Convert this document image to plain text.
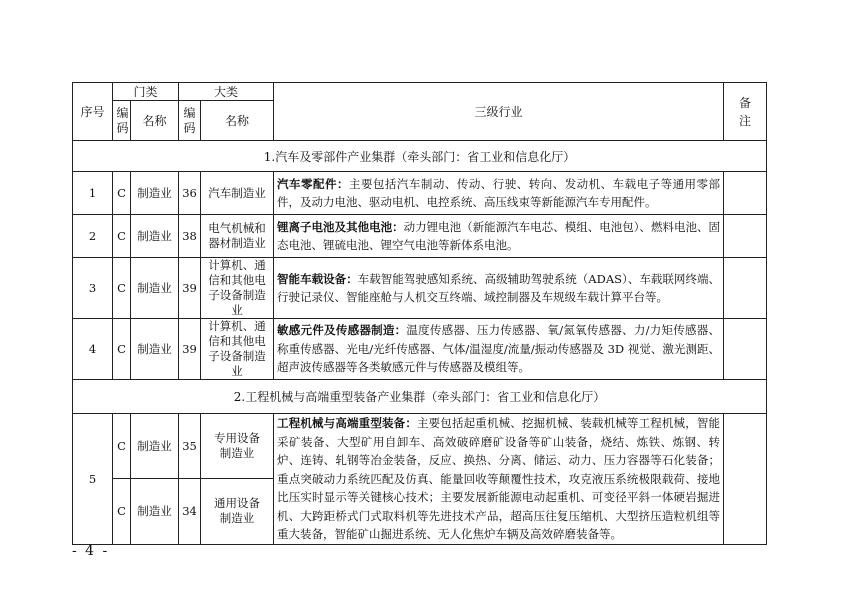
序号	门类		大类		三级行业	备注
	编码	名称	编码	名称		
1.汽车及零部件产业集群（牵头部门：省工业和信息化厅）						
1	C	制造业	36	汽车制造业	汽车零配件：主要包括汽车制动、传动、行驶、转向、发动机、车载电子等通用零部件，及动力电池、驱动电机、电控系统、高压线束等新能源汽车专用配件。	
2	C	制造业	38	电气机械和器材制造业	锂离子电池及其他电池：动力锂电池（新能源汽车电芯、模组、电池包）、燃料电池、固态电池、锂硫电池、锂空气电池等新体系电池。	
3	C	制造业	39	计算机、通信和其他电子设备制造业	智能车载设备：车载智能驾驶感知系统、高级辅助驾驶系统（ADAS）、车载联网终端、行驶记录仪、智能座舱与人机交互终端、域控制器及车规级车载计算平台等。	
4	C	制造业	39	计算机、通信和其他电子设备制造业	敏感元件及传感器制造：温度传感器、压力传感器、氧/氮氧传感器、力/力矩传感器、称重传感器、光电/光纤传感器、气体/温湿度/流量/振动传感器及 3D 视觉、激光测距、超声波传感器等各类敏感元件与传感器及模组等。	
2.工程机械与高端重型装备产业集群（牵头部门：省工业和信息化厅）						
5	C	制造业	35	专用设备制造业	工程机械与高端重型装备：主要包括起重机械、挖掘机械、装载机械等工程机械，智能采矿装备、大型矿用自卸车、高效破碎磨矿设备等矿山装备，烧结、炼铁、炼钢、转炉、连铸、轧钢等冶金装备，反应、换热、分离、储运、动力、压力容器等石化装备；重点突破动力系统匹配及仿真、能量回收等颠覆性技术，攻克液压系统极限载荷、接地比压实时显示等关键核心技术；主要发展新能源电动起重机、可变径平斜一体硬岩掘进机、大跨距桥式门式取料机等先进技术产品，超高压往复压缩机、大型挤压造粒机组等重大装备，智能矿山掘进系统、无人化焦炉车辆及高效碎磨装备等。	
	C	制造业	34	通用设备制造业		
- 4 -
